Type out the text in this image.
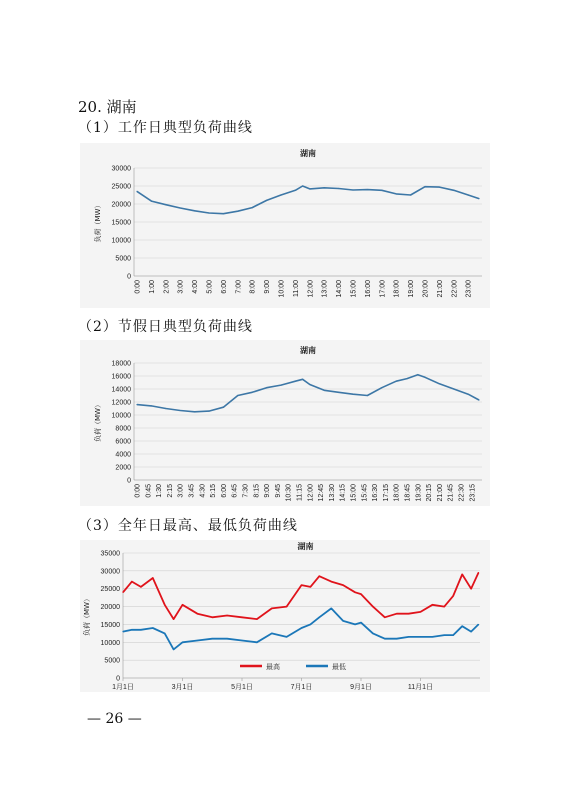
20. 湖南
（1）工作日典型负荷曲线
（2）节假日典型负荷曲线
（3）全年日最高、最低负荷曲线
湖南
0
5000
10000
15000
20000
25000
30000
0:00 1:00 2:00 3:00 4:00 5:00 6:00 7:00 8:00 9:00 10:00 11:00 12:00 13:00 14:00 15:00 16:00 17:00 18:00 19:00 20:00 21:00 22:00 23:00
负荷（MW）
湖南
0
2000
4000
6000
8000
10000
12000
14000
16000
18000
0:00 0:45 1:30 2:15 3:00 3:45 4:30 5:15 6:00 6:45 7:30 8:15 9:00 9:45 10:30 11:15 12:00 12:45 13:30 14:15 15:00 15:45 16:30 17:15 18:00 18:45 19:30 20:15 21:00 21:45 22:30 23:15
负荷（MW）
湖南
0
5000
10000
15000
20000
25000
30000
35000
1月1日	3月1日	5月1日	7月1日	9月1日	11月1日
负荷（MW）
最高	最低
— 26 —
